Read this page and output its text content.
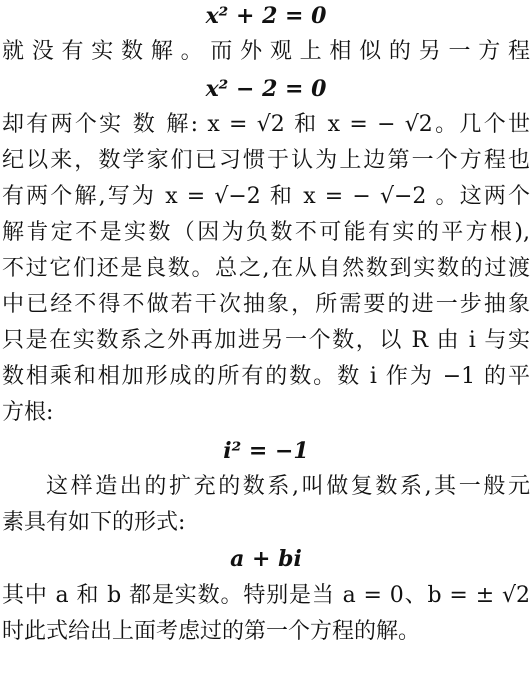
x² + 2 = 0
就没有实数解。而外观上相似的另一方程
x² − 2 = 0
却有两个实 数 解: x = √2 和 x = − √2。几个世
纪以来，数学家们已习惯于认为上边第一个方程也
有两个解,写为 x = √−2 和 x = − √−2 。这两个
解肯定不是实数（因为负数不可能有实的平方根),
不过它们还是良数。总之,在从自然数到实数的过渡
中已经不得不做若干次抽象，所需要的进一步抽象
只是在实数系之外再加进另一个数，以 R 由 i 与实
数相乘和相加形成的所有的数。数 i 作为 −1 的平
方根:
i² = −1
这样造出的扩充的数系,叫做复数系,其一般元
素具有如下的形式:
a + bi
其中 a 和 b 都是实数。特别是当 a = 0、b = ± √2
时此式给出上面考虑过的第一个方程的解。
